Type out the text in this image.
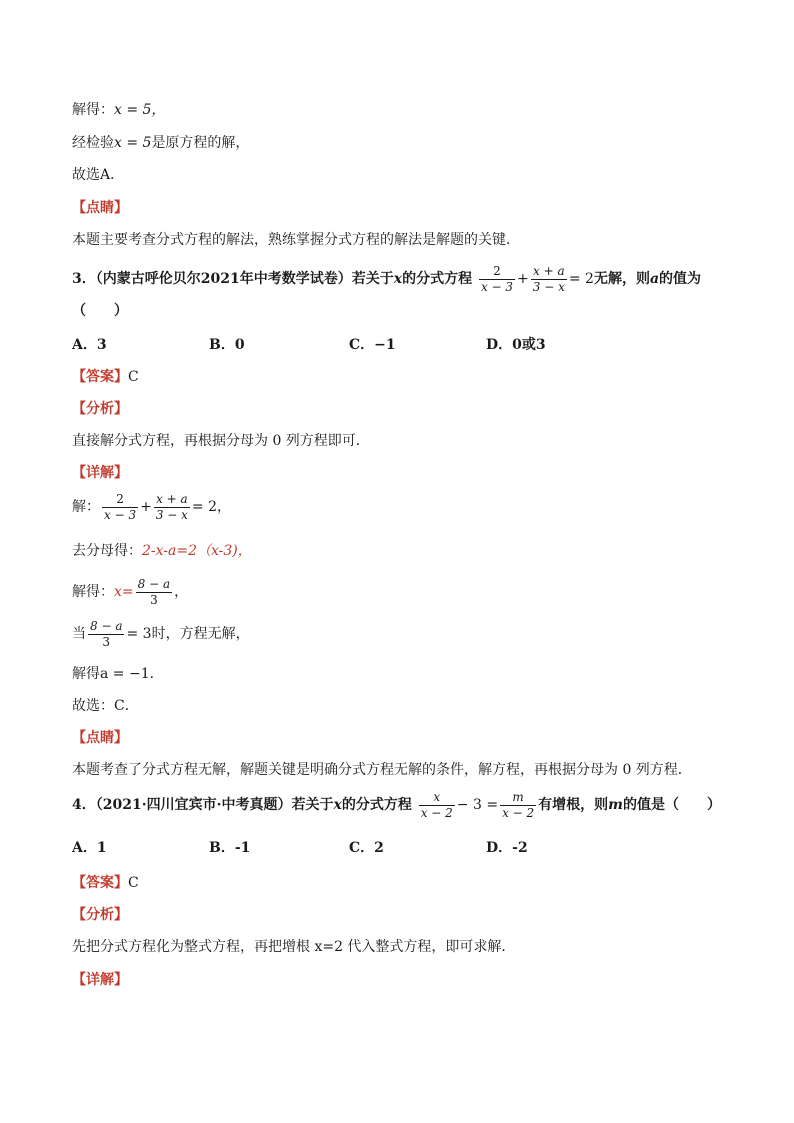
解得：x = 5，
经检验x = 5是原方程的解，
故选A．
【点睛】
本题主要考查分式方程的解法，熟练掌握分式方程的解法是解题的关键．
3．（内蒙古呼伦贝尔2021年中考数学试卷）若关于x的分式方程 $\frac{2}{x - 3} + \frac{x + a}{3 - x} = 2$无解，则a的值为
（　　）
A．3	B．0	C．−1	D．0或3
【答案】C
【分析】
直接解分式方程，再根据分母为 0 列方程即可．
【详解】
解： $\frac{2}{x - 3} + \frac{x + a}{3 - x} = 2$，
去分母得：2-x-a=2（x-3)，
解得：$x= \frac{8 - a}{3}$ ，
当 $\frac{8 - a}{3} = 3$时，方程无解，
解得a = −1．
故选：C．
【点睛】
本题考查了分式方程无解，解题关键是明确分式方程无解的条件，解方程，再根据分母为 0 列方程．
4．（2021·四川宜宾市·中考真题）若关于x的分式方程 $\frac{x}{x - 2} - 3 = \frac{m}{x - 2}$ 有增根，则m的值是（　　）
A．1	B．-1	C．2	D．-2
【答案】C
【分析】
先把分式方程化为整式方程，再把增根 x=2 代入整式方程，即可求解．
【详解】
